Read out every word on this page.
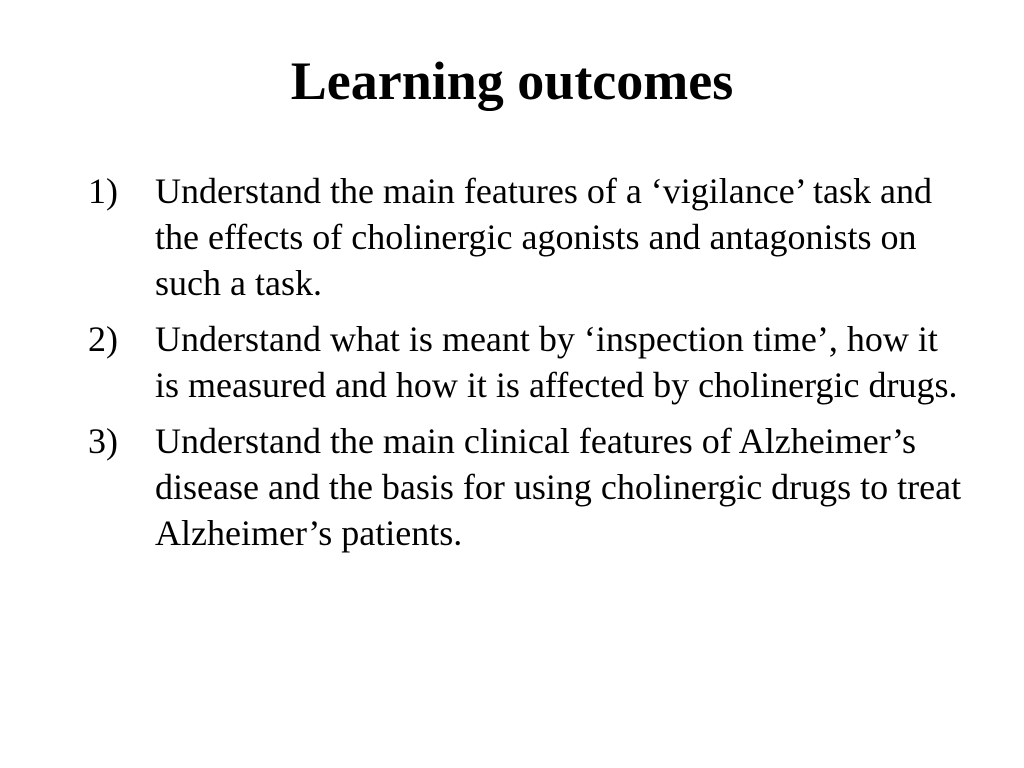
Learning outcomes
1) Understand the main features of a ‘vigilance’ task and the effects of cholinergic agonists and antagonists on such a task.
2) Understand what is meant by ‘inspection time’, how it is measured and how it is affected by cholinergic drugs.
3) Understand the main clinical features of Alzheimer’s disease and the basis for using cholinergic drugs to treat Alzheimer’s patients.
